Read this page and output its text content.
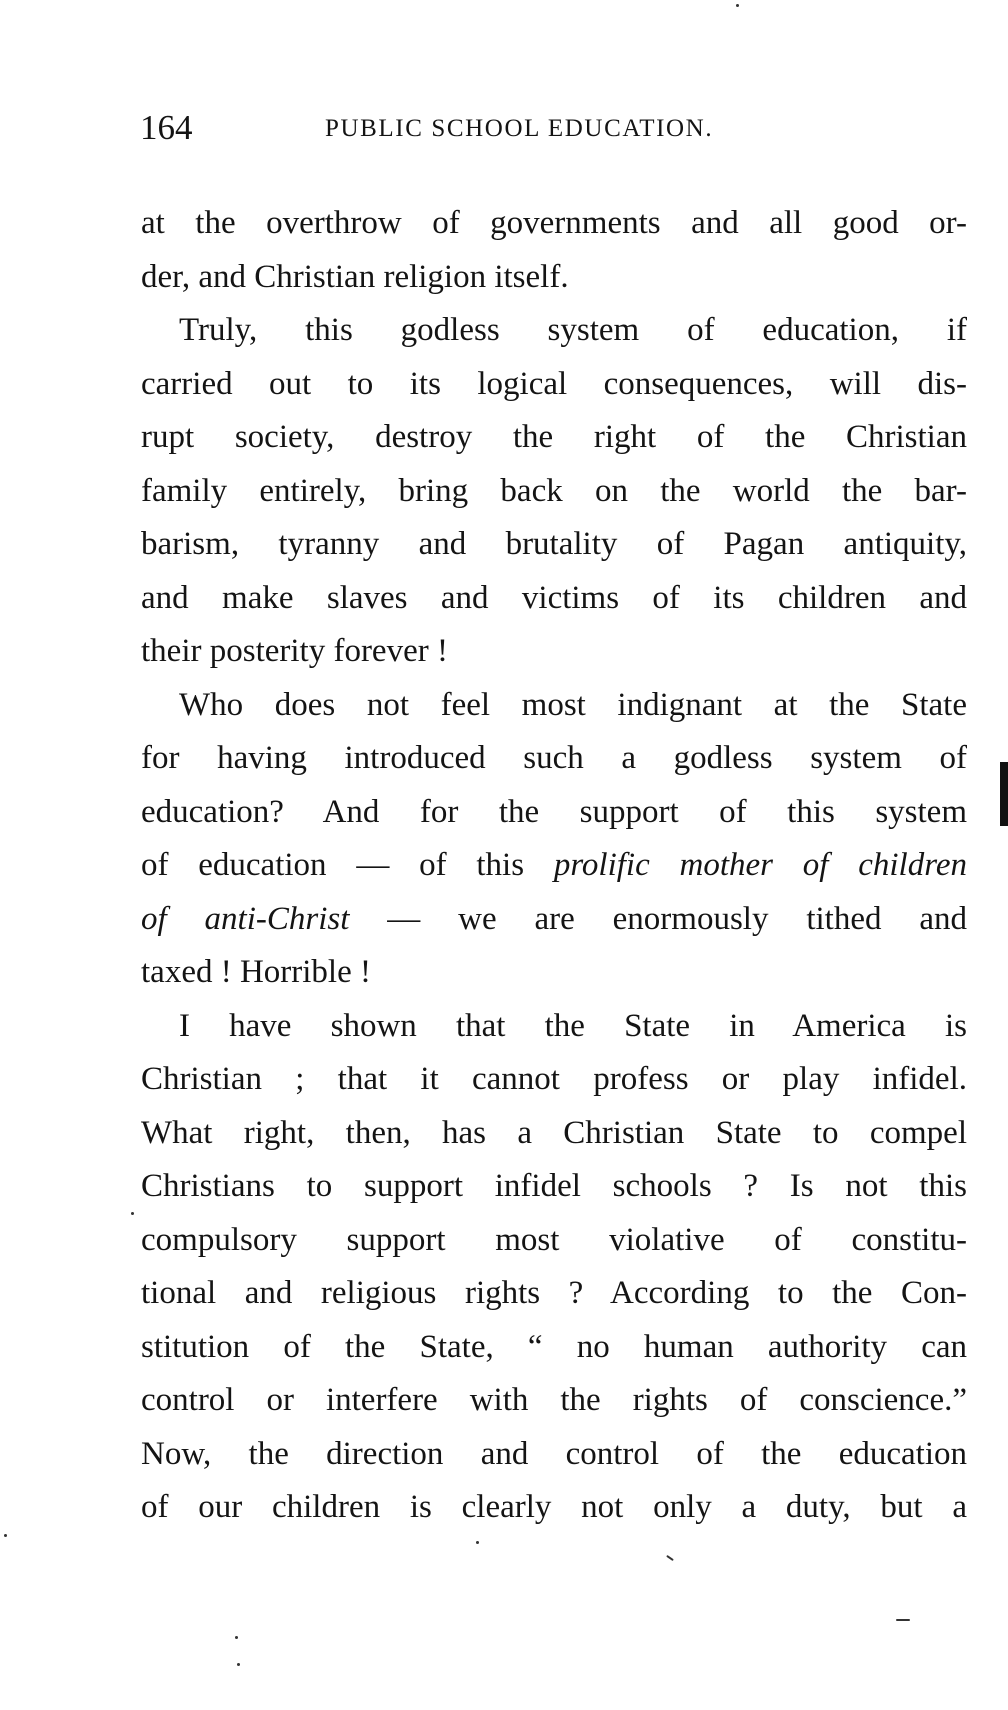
164	PUBLIC SCHOOL EDUCATION.
at the overthrow of governments and all good or-
der, and Christian religion itself.
Truly, this godless system of education, if
carried out to its logical consequences, will dis-
rupt society, destroy the right of the Christian
family entirely, bring back on the world the bar-
barism, tyranny and brutality of Pagan antiquity,
and make slaves and victims of its children and
their posterity forever !
Who does not feel most indignant at the State
for having introduced such a godless system of
education? And for the support of this system
of education — of this prolific mother of children
of anti-Christ — we are enormously tithed and
taxed ! Horrible !
I have shown that the State in America is
Christian ; that it cannot profess or play infidel.
What right, then, has a Christian State to compel
Christians to support infidel schools ? Is not this
compulsory support most violative of constitu-
tional and religious rights ? According to the Con-
stitution of the State, “ no human authority can
control or interfere with the rights of conscience.”
Now, the direction and control of the education
of our children is clearly not only a duty, but a
